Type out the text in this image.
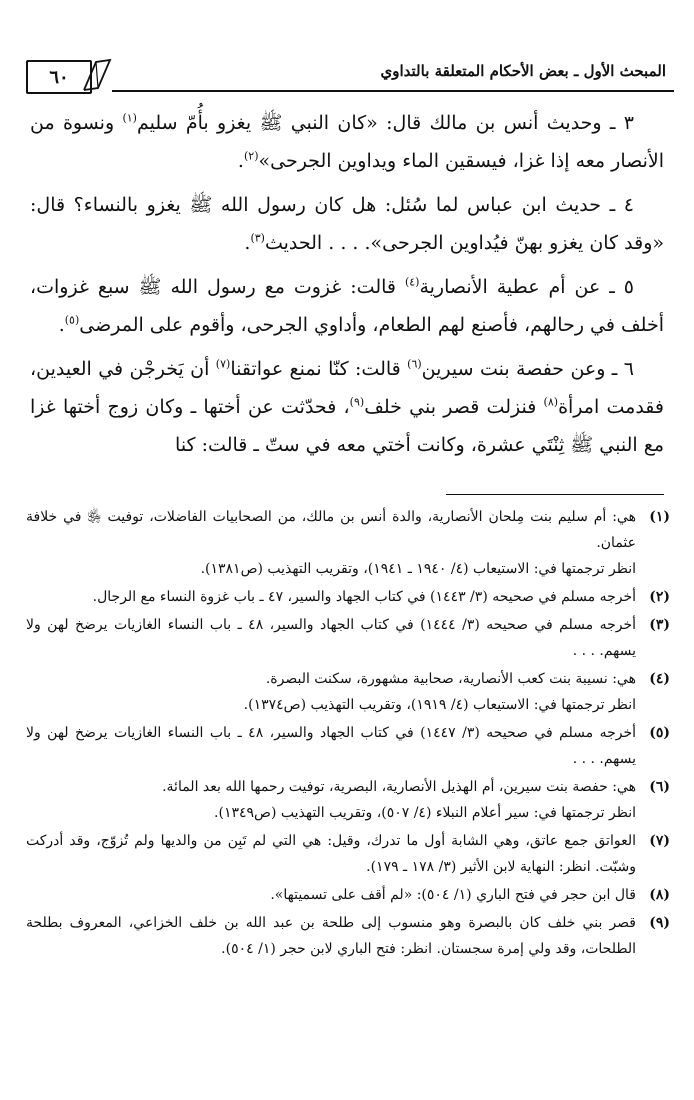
المبحث الأول ـ بعض الأحكام المتعلقة بالتداوي
٦٠

٣ ـ وحديث أنس بن مالك قال: «كان النبي ﷺ يغزو بأُمّ سليم$^{(١)}$ ونسوة من الأنصار معه إذا غزا، فيسقين الماء ويداوين الجرحى»$^{(٢)}$.

٤ ـ حديث ابن عباس لما سُئل: هل كان رسول الله ﷺ يغزو بالنساء؟ قال: «وقد كان يغزو بهنّ فيُداوين الجرحى». . . . الحديث$^{(٣)}$.

٥ ـ عن أم عطية الأنصارية$^{(٤)}$ قالت: غزوت مع رسول الله ﷺ سبع غزوات، أخلف في رحالهم، فأصنع لهم الطعام، وأداوي الجرحى، وأقوم على المرضى$^{(٥)}$.

٦ ـ وعن حفصة بنت سيرين$^{(٦)}$ قالت: كنّا نمنع عواتقنا$^{(٧)}$ أن يَخرجْن في العيدين، فقدمت امرأة$^{(٨)}$ فنزلت قصر بني خلف$^{(٩)}$، فحدّثت عن أختها ـ وكان زوج أختها غزا مع النبي ﷺ ثِنْتَي عشرة، وكانت أختي معه في ستّ ـ قالت: كنا

(١)
هي: أم سليم بنت مِلحان الأنصارية، والدة أنس بن مالك، من الصحابيات الفاضلات، توفيت ﵂ في خلافة عثمان.
انظر ترجمتها في: الاستيعاب (٤/ ١٩٤٠ ـ ١٩٤١)، وتقريب التهذيب (ص١٣٨١).
(٢)
أخرجه مسلم في صحيحه (٣/ ١٤٤٣) في كتاب الجهاد والسير، ٤٧ ـ باب غزوة النساء مع الرجال.
(٣)
أخرجه مسلم في صحيحه (٣/ ١٤٤٤) في كتاب الجهاد والسير، ٤٨ ـ باب النساء الغازيات يرضخ لهن ولا يسهم. . . .
(٤)
هي: نسيبة بنت كعب الأنصارية، صحابية مشهورة، سكنت البصرة.
انظر ترجمتها في: الاستيعاب (٤/ ١٩١٩)، وتقريب التهذيب (ص١٣٧٤).
(٥)
أخرجه مسلم في صحيحه (٣/ ١٤٤٧) في كتاب الجهاد والسير، ٤٨ ـ باب النساء الغازيات يرضخ لهن ولا يسهم. . . .
(٦)
هي: حفصة بنت سيرين، أم الهذيل الأنصارية، البصرية، توفيت رحمها الله بعد المائة.
انظر ترجمتها في: سير أعلام النبلاء (٤/ ٥٠٧)، وتقريب التهذيب (ص١٣٤٩).
(٧)
العواتق جمع عاتق، وهي الشابة أول ما تدرك، وقيل: هي التي لم تَبِن من والديها ولم تُزوّج، وقد أدركت وشبّت. انظر: النهاية لابن الأثير (٣/ ١٧٨ ـ ١٧٩).
(٨)
قال ابن حجر في فتح الباري (١/ ٥٠٤): «لم أقف على تسميتها».
(٩)
قصر بني خلف كان بالبصرة وهو منسوب إلى طلحة بن عبد الله بن خلف الخزاعي، المعروف بطلحة الطلحات، وقد ولي إمرة سجستان. انظر: فتح الباري لابن حجر (١/ ٥٠٤).
